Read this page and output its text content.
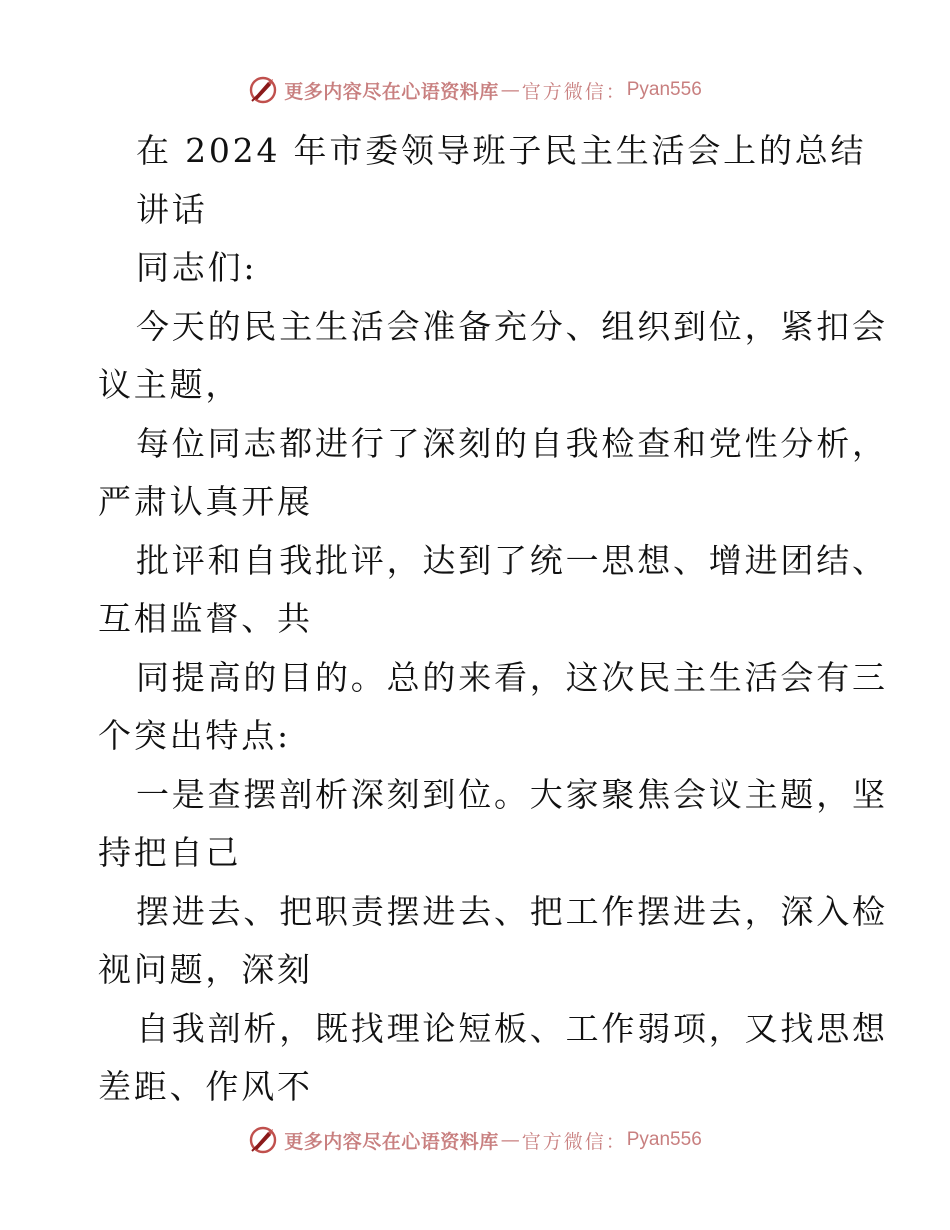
更多内容尽在心语资料库 — 官方微信： Pyan556
在 2024 年市委领导班子民主生活会上的总结
讲话
同志们:
今天的民主生活会准备充分、组织到位，紧扣会
议主题，
每位同志都进行了深刻的自我检查和党性分析，
严肃认真开展
批评和自我批评，达到了统一思想、增进团结、
互相监督、共
同提高的目的。总的来看，这次民主生活会有三
个突出特点:
一是查摆剖析深刻到位。大家聚焦会议主题，坚
持把自己
摆进去、把职责摆进去、把工作摆进去，深入检
视问题，深刻
自我剖析，既找理论短板、工作弱项，又找思想
差距、作风不
更多内容尽在心语资料库 — 官方微信： Pyan556
